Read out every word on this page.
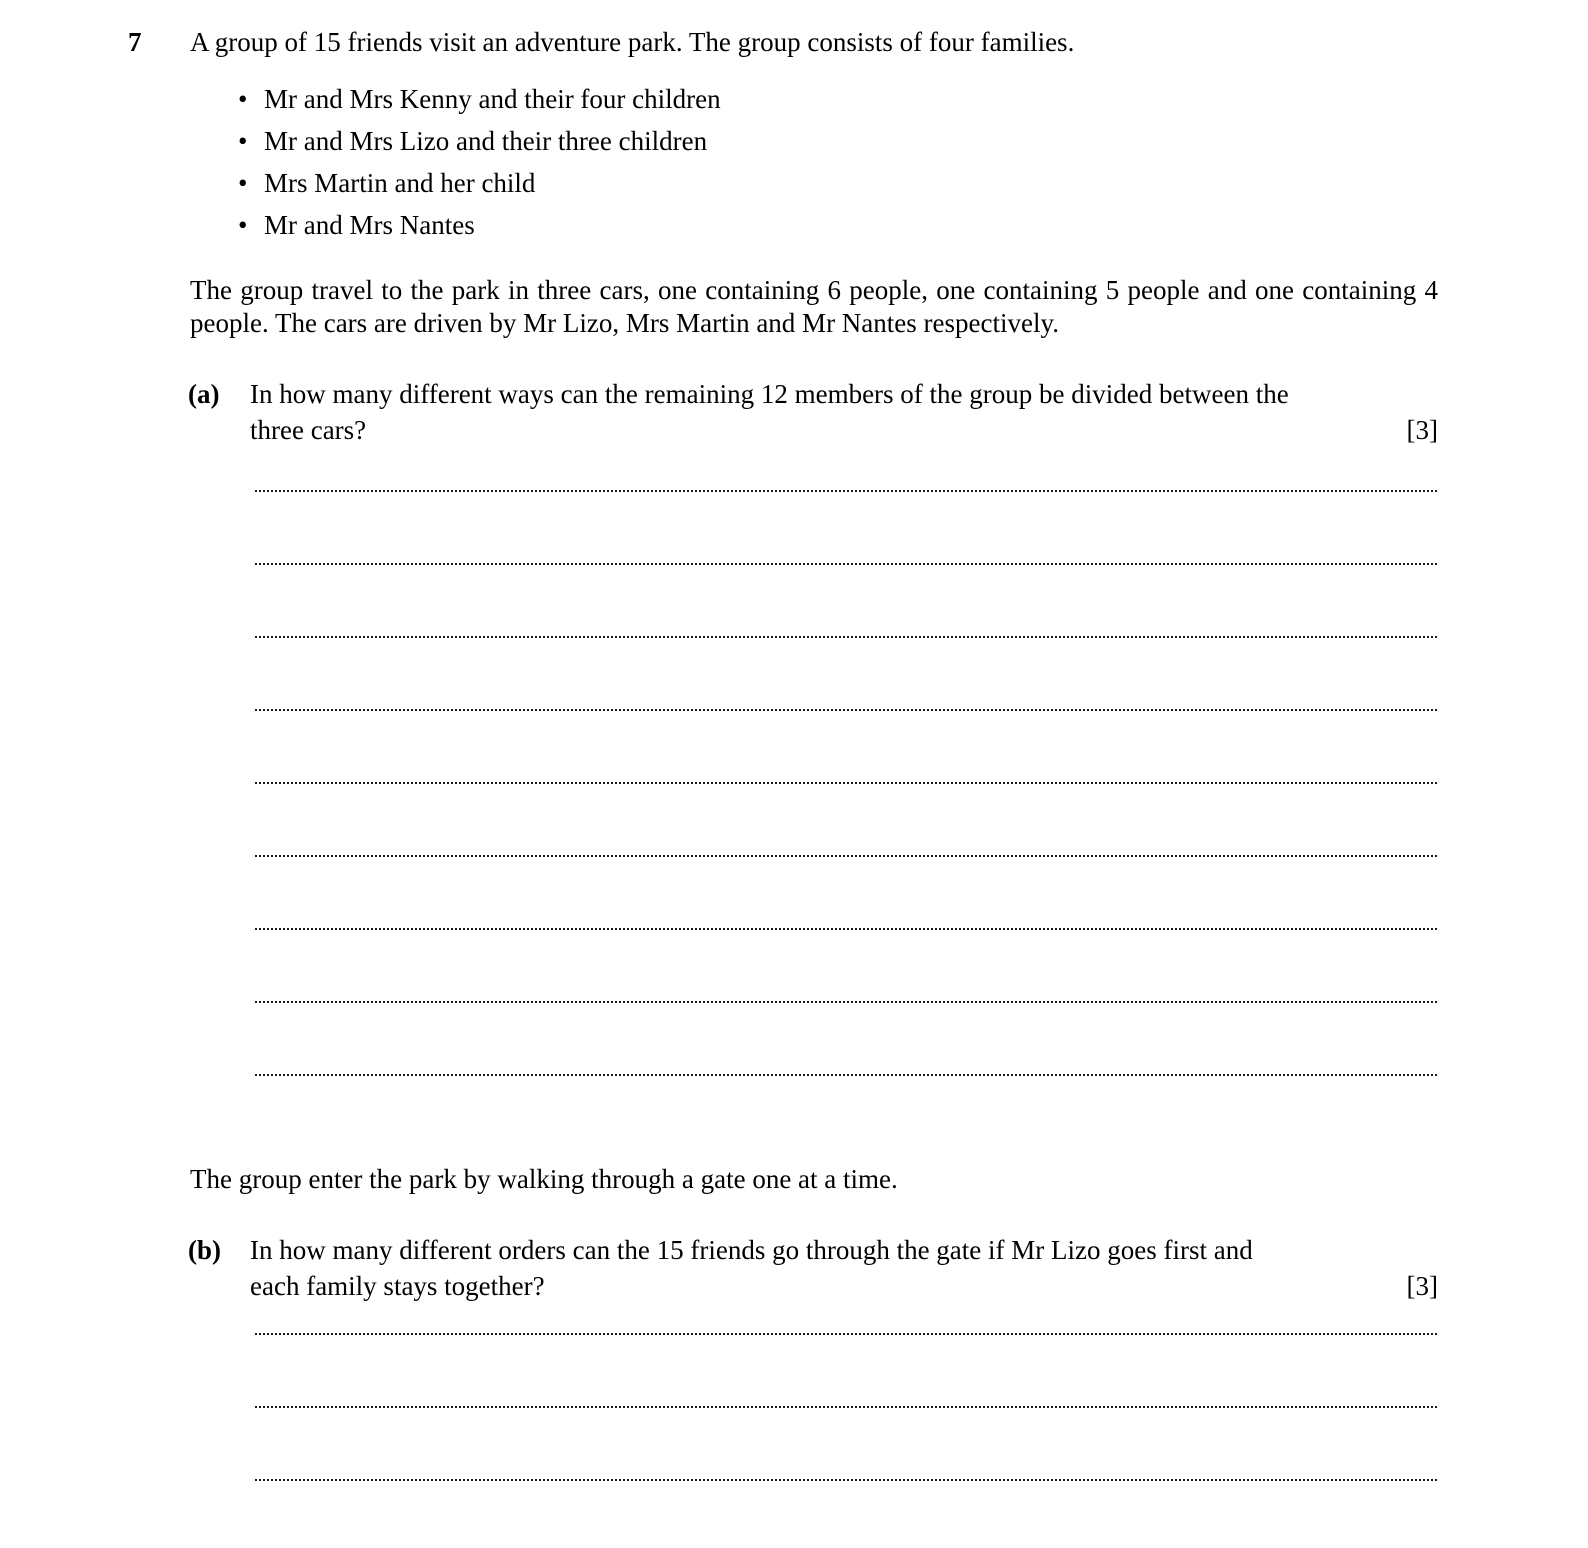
7 A group of 15 friends visit an adventure park. The group consists of four families.
• Mr and Mrs Kenny and their four children
• Mr and Mrs Lizo and their three children
• Mrs Martin and her child
• Mr and Mrs Nantes
The group travel to the park in three cars, one containing 6 people, one containing 5 people and one containing 4 people. The cars are driven by Mr Lizo, Mrs Martin and Mr Nantes respectively.
(a) In how many different ways can the remaining 12 members of the group be divided between the
three cars?	[3]
The group enter the park by walking through a gate one at a time.
(b) In how many different orders can the 15 friends go through the gate if Mr Lizo goes first and
each family stays together?	[3]
